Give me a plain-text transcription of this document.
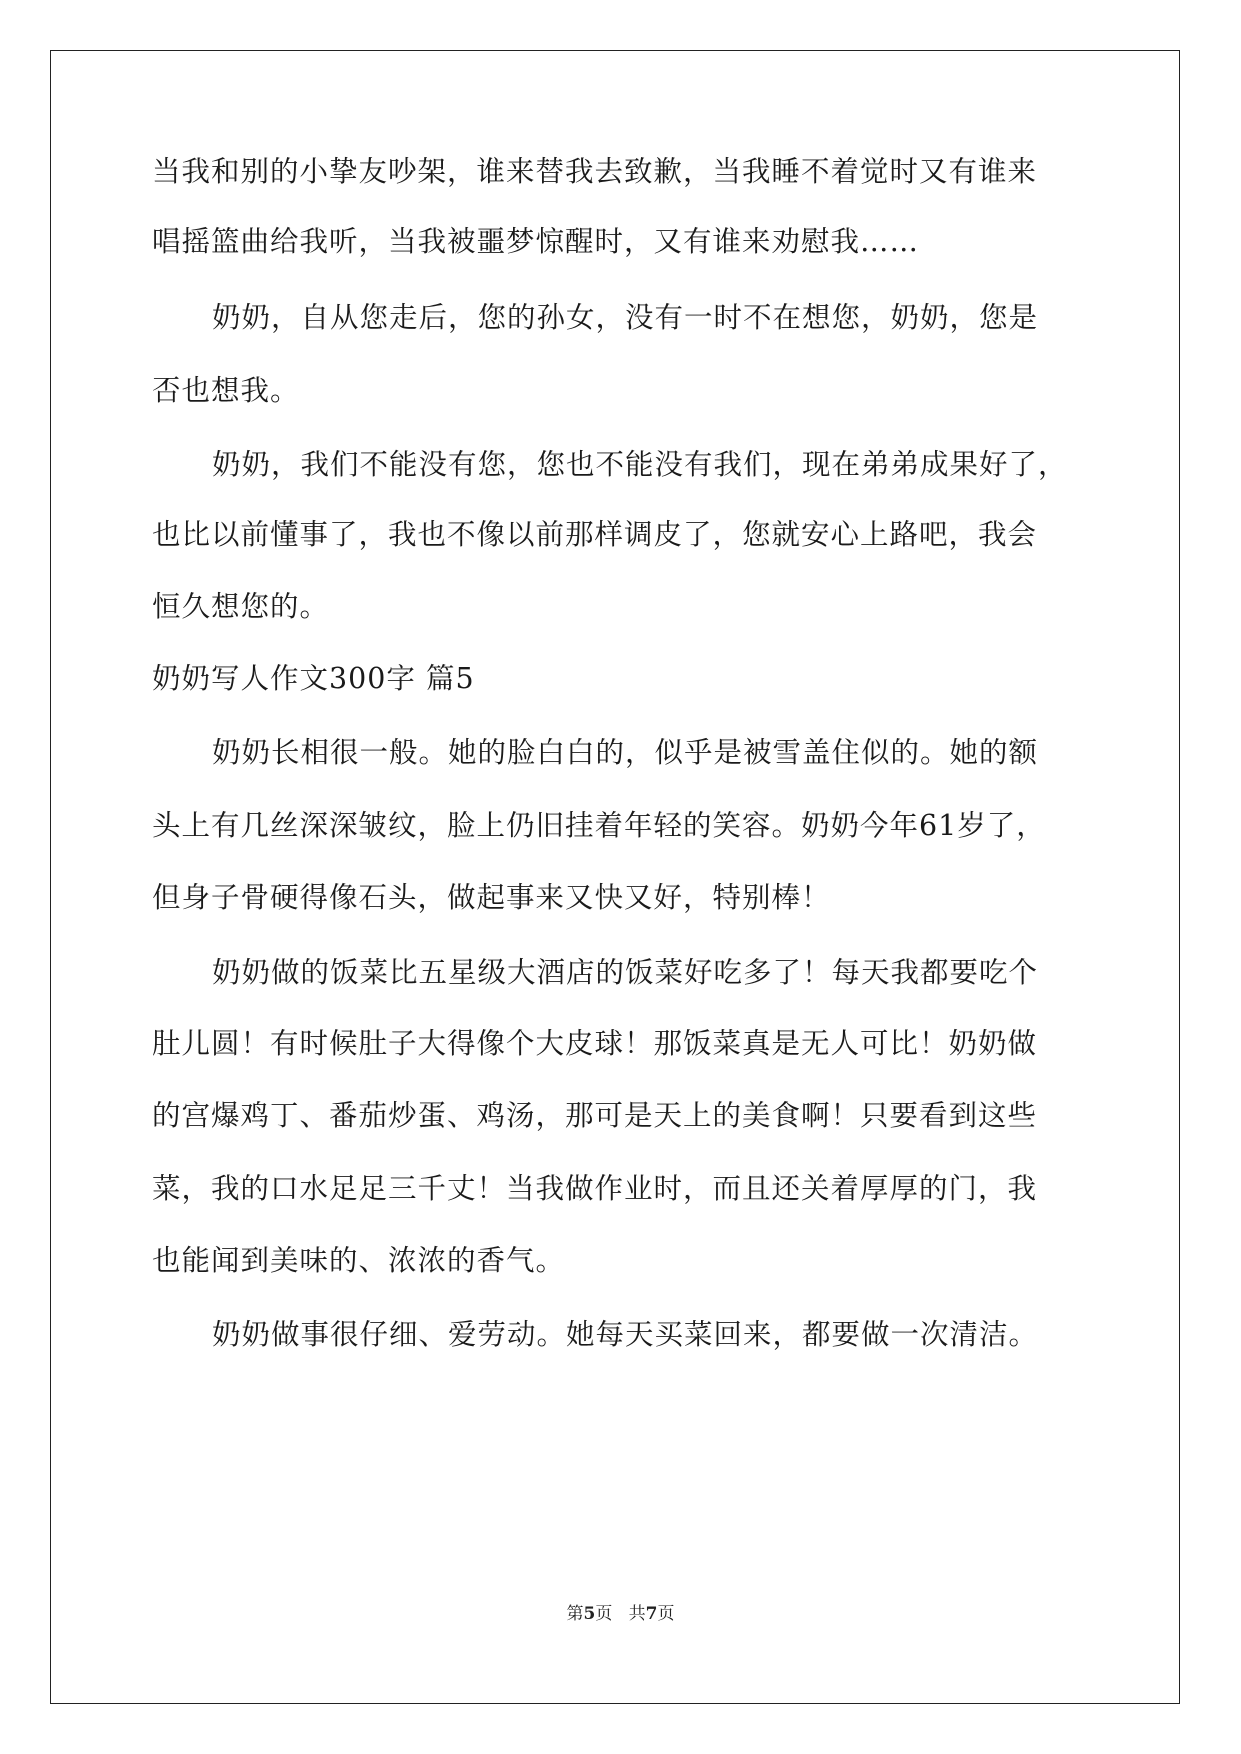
当我和别的小挚友吵架，谁来替我去致歉，当我睡不着觉时又有谁来
唱摇篮曲给我听，当我被噩梦惊醒时，又有谁来劝慰我……
奶奶，自从您走后，您的孙女，没有一时不在想您，奶奶，您是
否也想我。
奶奶，我们不能没有您，您也不能没有我们，现在弟弟成果好了，
也比以前懂事了，我也不像以前那样调皮了，您就安心上路吧，我会
恒久想您的。
奶奶写人作文300字 篇5
奶奶长相很一般。她的脸白白的，似乎是被雪盖住似的。她的额
头上有几丝深深皱纹，脸上仍旧挂着年轻的笑容。奶奶今年61岁了，
但身子骨硬得像石头，做起事来又快又好，特别棒！
奶奶做的饭菜比五星级大酒店的饭菜好吃多了！每天我都要吃个
肚儿圆！有时候肚子大得像个大皮球！那饭菜真是无人可比！奶奶做
的宫爆鸡丁、番茄炒蛋、鸡汤，那可是天上的美食啊！只要看到这些
菜，我的口水足足三千丈！当我做作业时，而且还关着厚厚的门，我
也能闻到美味的、浓浓的香气。
奶奶做事很仔细、爱劳动。她每天买菜回来，都要做一次清洁。
第5页   共7页
